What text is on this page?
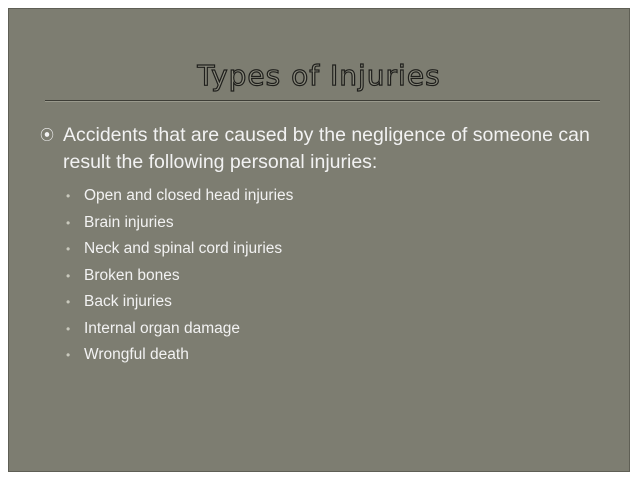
Types of Injuries
⦿ Accidents that are caused by the negligence of someone can result the following personal injuries:
• Open and closed head injuries
• Brain injuries
• Neck and spinal cord injuries
• Broken bones
• Back injuries
• Internal organ damage
• Wrongful death
